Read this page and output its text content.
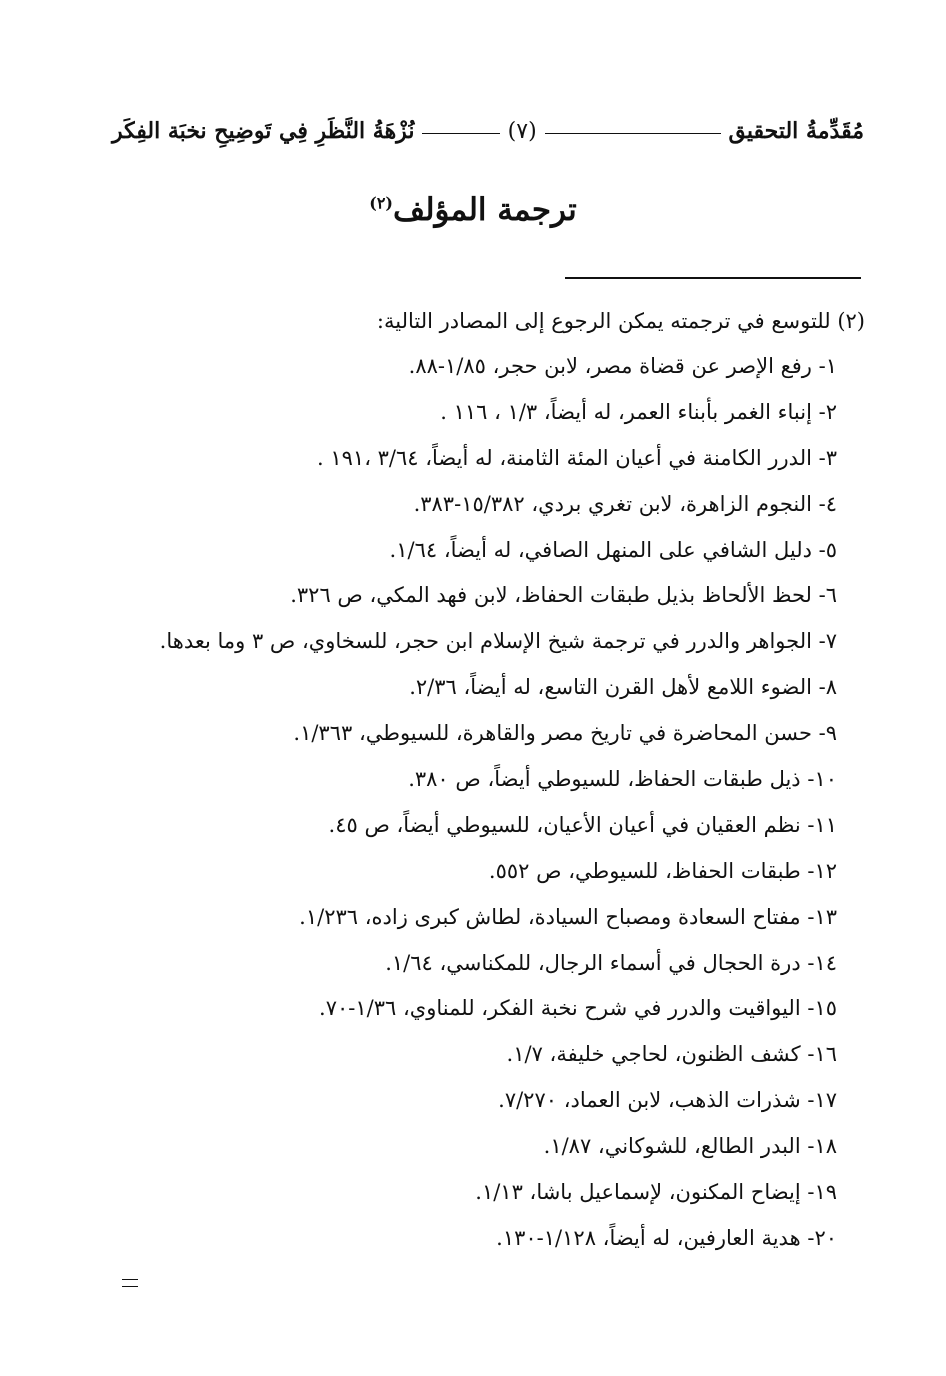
مُقَدِّمةُ التحقيق
(٧)
نُزْهَةُ النَّظَرِ فِي تَوضِيحِ نخبَة الفِكَر
ترجمة المؤلف$^{(٢)}$
(٢) للتوسع في ترجمته يمكن الرجوع إلى المصادر التالية:
١- رفع الإصر عن قضاة مصر، لابن حجر، ١/٨٥-٨٨.
٢- إنباء الغمر بأبناء العمر، له أيضاً، ١/٣ ، ١١٦ .
٣- الدرر الكامنة في أعيان المئة الثامنة، له أيضاً، ٣/٦٤ ،١٩١ .
٤- النجوم الزاهرة، لابن تغري بردي، ١٥/٣٨٢-٣٨٣.
٥- دليل الشافي على المنهل الصافي، له أيضاً، ١/٦٤.
٦- لحظ الألحاظ بذيل طبقات الحفاظ، لابن فهد المكي، ص ٣٢٦.
٧- الجواهر والدرر في ترجمة شيخ الإسلام ابن حجر، للسخاوي، ص ٣ وما بعدها.
٨- الضوء اللامع لأهل القرن التاسع، له أيضاً، ٢/٣٦.
٩- حسن المحاضرة في تاريخ مصر والقاهرة، للسيوطي، ١/٣٦٣.
١٠- ذيل طبقات الحفاظ، للسيوطي أيضاً، ص ٣٨٠.
١١- نظم العقيان في أعيان الأعيان، للسيوطي أيضاً، ص ٤٥.
١٢- طبقات الحفاظ، للسيوطي، ص ٥٥٢.
١٣- مفتاح السعادة ومصباح السيادة، لطاش كبرى زاده، ١/٢٣٦.
١٤- درة الحجال في أسماء الرجال، للمكناسي، ١/٦٤.
١٥- اليواقيت والدرر في شرح نخبة الفكر، للمناوي، ١/٣٦-٧٠.
١٦- كشف الظنون، لحاجي خليفة، ١/٧.
١٧- شذرات الذهب، لابن العماد، ٧/٢٧٠.
١٨- البدر الطالع، للشوكاني، ١/٨٧.
١٩- إيضاح المكنون، لإسماعيل باشا، ١/١٣.
٢٠- هدية العارفين، له أيضاً، ١/١٢٨-١٣٠.
